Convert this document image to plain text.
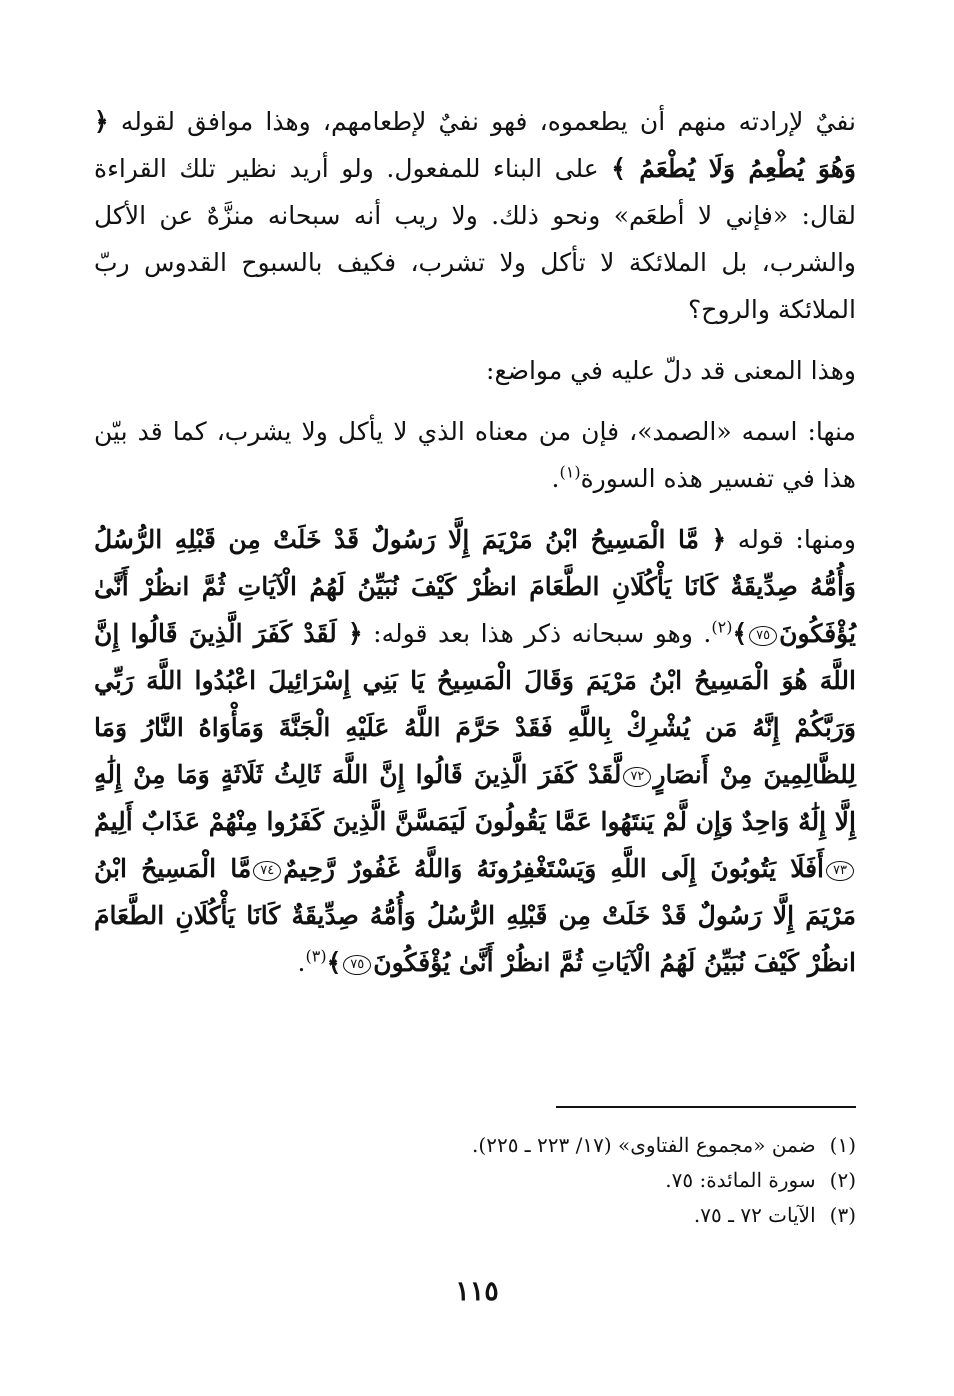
نفيٌ لإرادته منهم أن يطعموه، فهو نفيٌ لإطعامهم، وهذا موافق لقوله ﴿ وَهُوَ يُطْعِمُ وَلَا يُطْعَمُ ﴾ على البناء للمفعول. ولو أريد نظير تلك القراءة لقال: «فإني لا أطعَم» ونحو ذلك. ولا ريب أنه سبحانه منزَّهٌ عن الأكل والشرب، بل الملائكة لا تأكل ولا تشرب، فكيف بالسبوح القدوس ربّ الملائكة والروح؟

وهذا المعنى قد دلّ عليه في مواضع:

منها: اسمه «الصمد»، فإن من معناه الذي لا يأكل ولا يشرب، كما قد بيّن هذا في تفسير هذه السورة$^{(١)}$.

ومنها: قوله ﴿ مَّا الْمَسِيحُ ابْنُ مَرْيَمَ إِلَّا رَسُولٌ قَدْ خَلَتْ مِن قَبْلِهِ الرُّسُلُ وَأُمُّهُ صِدِّيقَةٌ كَانَا يَأْكُلَانِ الطَّعَامَ انظُرْ كَيْفَ نُبَيِّنُ لَهُمُ الْآيَاتِ ثُمَّ انظُرْ أَنَّىٰ يُؤْفَكُونَ٧٥﴾$^{(٢)}$. وهو سبحانه ذكر هذا بعد قوله: ﴿ لَقَدْ كَفَرَ الَّذِينَ قَالُوا إِنَّ اللَّهَ هُوَ الْمَسِيحُ ابْنُ مَرْيَمَ وَقَالَ الْمَسِيحُ يَا بَنِي إِسْرَائِيلَ اعْبُدُوا اللَّهَ رَبِّي وَرَبَّكُمْ إِنَّهُ مَن يُشْرِكْ بِاللَّهِ فَقَدْ حَرَّمَ اللَّهُ عَلَيْهِ الْجَنَّةَ وَمَأْوَاهُ النَّارُ وَمَا لِلظَّالِمِينَ مِنْ أَنصَارٍ٧٢لَّقَدْ كَفَرَ الَّذِينَ قَالُوا إِنَّ اللَّهَ ثَالِثُ ثَلَاثَةٍ وَمَا مِنْ إِلَٰهٍ إِلَّا إِلَٰهٌ وَاحِدٌ وَإِن لَّمْ يَنتَهُوا عَمَّا يَقُولُونَ لَيَمَسَّنَّ الَّذِينَ كَفَرُوا مِنْهُمْ عَذَابٌ أَلِيمٌ٧٣أَفَلَا يَتُوبُونَ إِلَى اللَّهِ وَيَسْتَغْفِرُونَهُ وَاللَّهُ غَفُورٌ رَّحِيمٌ٧٤مَّا الْمَسِيحُ ابْنُ مَرْيَمَ إِلَّا رَسُولٌ قَدْ خَلَتْ مِن قَبْلِهِ الرُّسُلُ وَأُمُّهُ صِدِّيقَةٌ كَانَا يَأْكُلَانِ الطَّعَامَ انظُرْ كَيْفَ نُبَيِّنُ لَهُمُ الْآيَاتِ ثُمَّ انظُرْ أَنَّىٰ يُؤْفَكُونَ٧٥﴾$^{(٣)}$.

(١) ضمن «مجموع الفتاوى» (١٧/ ٢٢٣ ـ ٢٢٥).
(٢) سورة المائدة: ٧٥.
(٣) الآيات ٧٢ ـ ٧٥.
١١٥
